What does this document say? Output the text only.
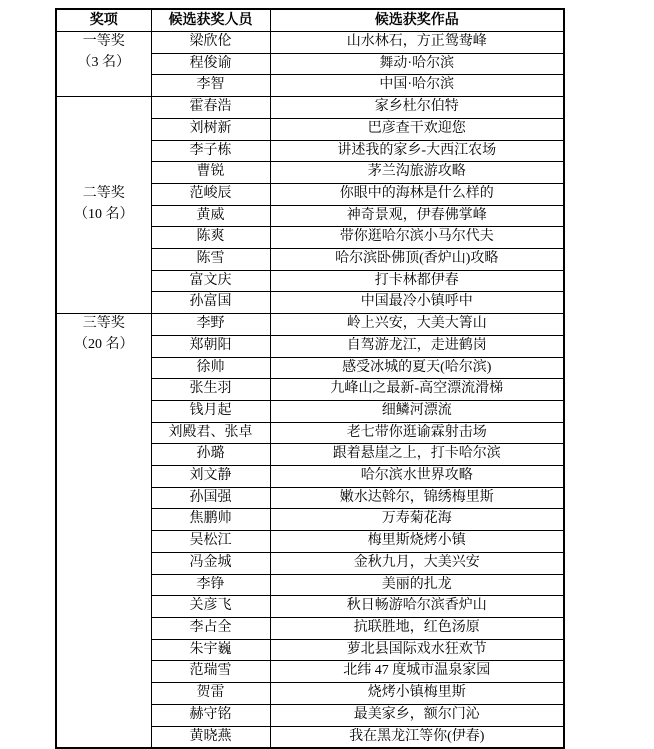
奖项	候选获奖人员	候选获奖作品

一等奖
（3 名）	梁欣伦	山水林石，方正鸳鸯峰
	程俊谕	舞动·哈尔滨
	李智	中国·哈尔滨

二等奖
（10 名）	霍春浩	家乡杜尔伯特
	刘树新	巴彦查干欢迎您
	李子栋	讲述我的家乡-大西江农场
	曹锐	茅兰沟旅游攻略
	范峻辰	你眼中的海林是什么样的
	黄威	神奇景观，伊春佛掌峰
	陈爽	带你逛哈尔滨小马尔代夫
	陈雪	哈尔滨卧佛顶(香炉山)攻略
	富文庆	打卡林都伊春
	孙富国	中国最冷小镇呼中

三等奖
（20 名）	李野	岭上兴安，大美大箐山
	郑朝阳	自驾游龙江，走进鹤岗
	徐帅	感受冰城的夏天(哈尔滨)
	张生羽	九峰山之最新-高空漂流滑梯
	钱月起	细鳞河漂流
	刘殿君、张卓	老七带你逛谕霖射击场
	孙璐	跟着悬崖之上，打卡哈尔滨
	刘文静	哈尔滨水世界攻略
	孙国强	嫩水达斡尔，锦绣梅里斯
	焦鹏帅	万寿菊花海
	吴松江	梅里斯烧烤小镇
	冯金城	金秋九月，大美兴安
	李铮	美丽的扎龙
	关彦飞	秋日畅游哈尔滨香炉山
	李占全	抗联胜地，红色汤原
	朱宇巍	萝北县国际戏水狂欢节
	范瑞雪	北纬 47 度城市温泉家园
	贺雷	烧烤小镇梅里斯
	赫守铭	最美家乡，额尔门沁
	黄晓燕	我在黑龙江等你(伊春)
